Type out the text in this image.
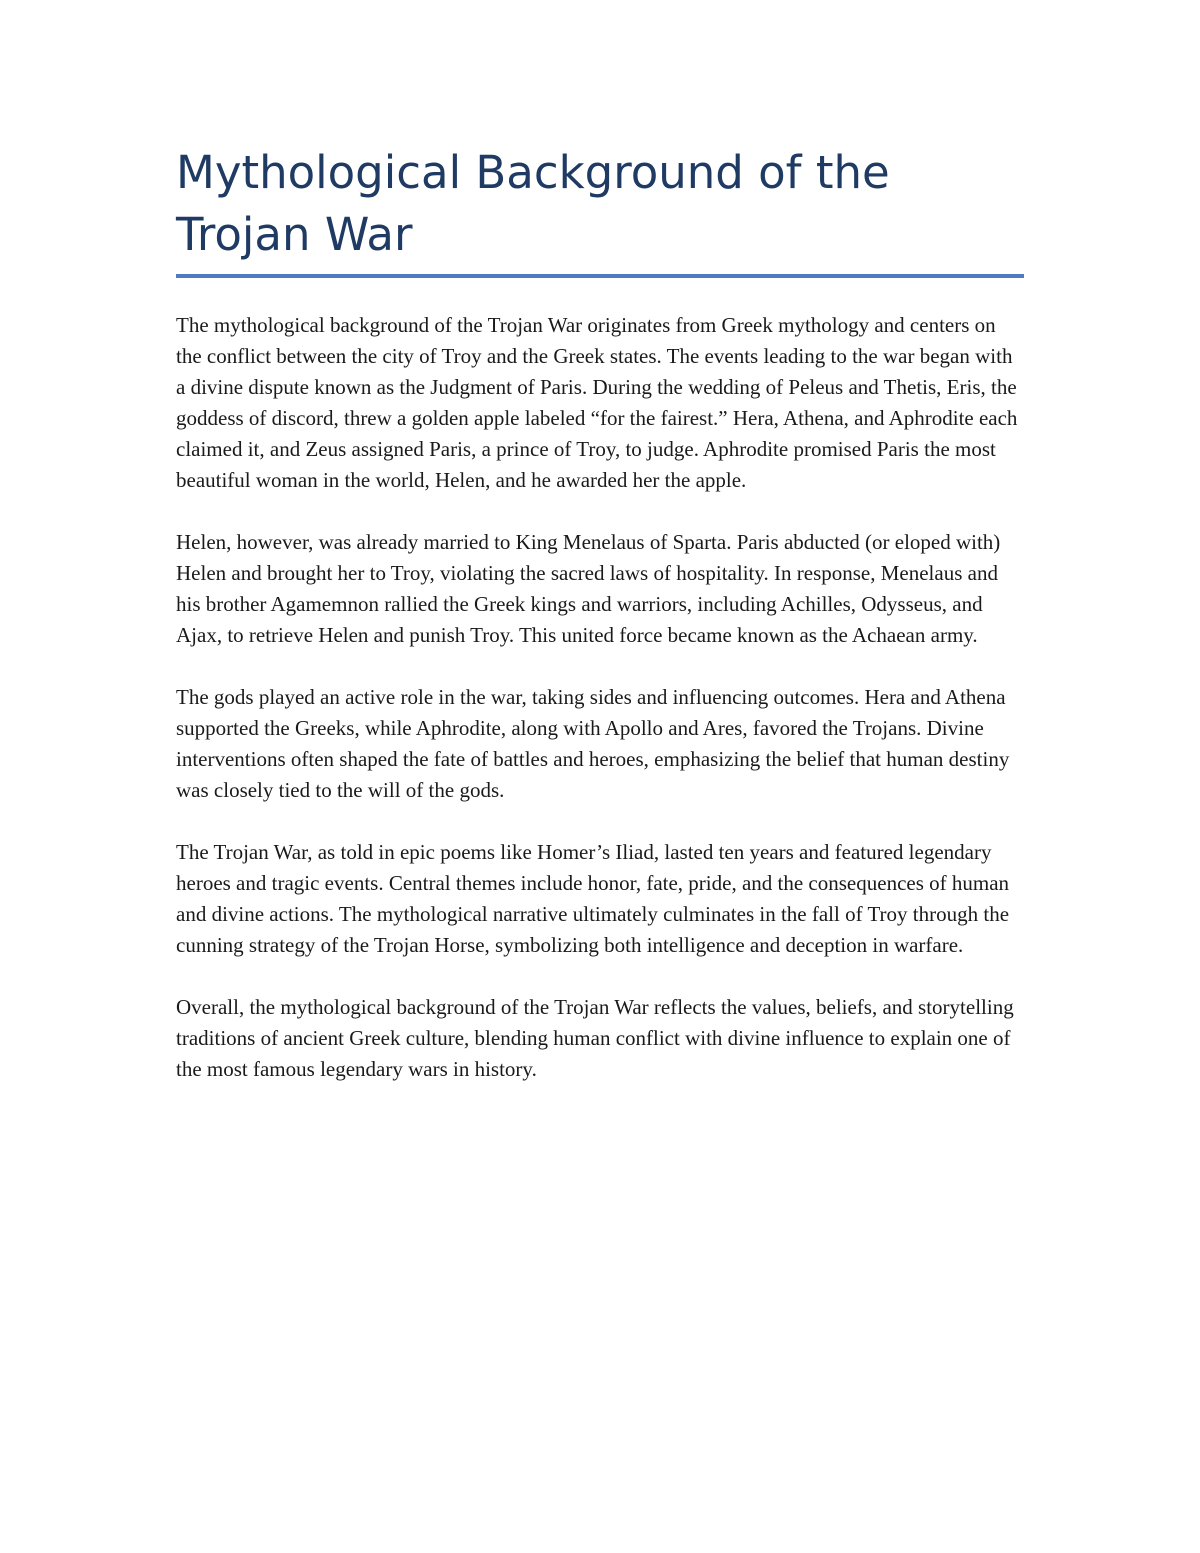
Mythological Background of the Trojan War

The mythological background of the Trojan War originates from Greek mythology and centers on the conflict between the city of Troy and the Greek states. The events leading to the war began with a divine dispute known as the Judgment of Paris. During the wedding of Peleus and Thetis, Eris, the goddess of discord, threw a golden apple labeled “for the fairest.” Hera, Athena, and Aphrodite each claimed it, and Zeus assigned Paris, a prince of Troy, to judge. Aphrodite promised Paris the most beautiful woman in the world, Helen, and he awarded her the apple.

Helen, however, was already married to King Menelaus of Sparta. Paris abducted (or eloped with) Helen and brought her to Troy, violating the sacred laws of hospitality. In response, Menelaus and his brother Agamemnon rallied the Greek kings and warriors, including Achilles, Odysseus, and Ajax, to retrieve Helen and punish Troy. This united force became known as the Achaean army.

The gods played an active role in the war, taking sides and influencing outcomes. Hera and Athena supported the Greeks, while Aphrodite, along with Apollo and Ares, favored the Trojans. Divine interventions often shaped the fate of battles and heroes, emphasizing the belief that human destiny was closely tied to the will of the gods.

The Trojan War, as told in epic poems like Homer’s Iliad, lasted ten years and featured legendary heroes and tragic events. Central themes include honor, fate, pride, and the consequences of human and divine actions. The mythological narrative ultimately culminates in the fall of Troy through the cunning strategy of the Trojan Horse, symbolizing both intelligence and deception in warfare.

Overall, the mythological background of the Trojan War reflects the values, beliefs, and storytelling traditions of ancient Greek culture, blending human conflict with divine influence to explain one of the most famous legendary wars in history.
